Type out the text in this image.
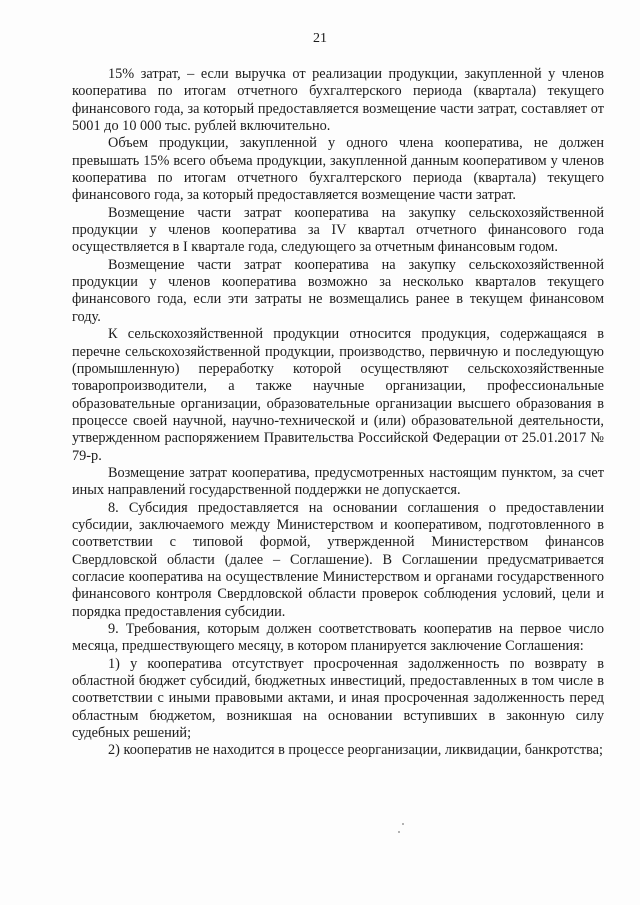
21

15% затрат, – если выручка от реализации продукции, закупленной у членов кооператива по итогам отчетного бухгалтерского периода (квартала) текущего финансового года, за который предоставляется возмещение части затрат, составляет от 5001 до 10 000 тыс. рублей включительно.

Объем продукции, закупленной у одного члена кооператива, не должен превышать 15% всего объема продукции, закупленной данным кооперативом у членов кооператива по итогам отчетного бухгалтерского периода (квартала) текущего финансового года, за который предоставляется возмещение части затрат.

Возмещение части затрат кооператива на закупку сельскохозяйственной продукции у членов кооператива за IV квартал отчетного финансового года осуществляется в I квартале года, следующего за отчетным финансовым годом.

Возмещение части затрат кооператива на закупку сельскохозяйственной продукции у членов кооператива возможно за несколько кварталов текущего финансового года, если эти затраты не возмещались ранее в текущем финансовом году.

К сельскохозяйственной продукции относится продукция, содержащаяся в перечне сельскохозяйственной продукции, производство, первичную и последующую (промышленную) переработку которой осуществляют сельскохозяйственные товаропроизводители, а также научные организации, профессиональные образовательные организации, образовательные организации высшего образования в процессе своей научной, научно-технической и (или) образовательной деятельности, утвержденном распоряжением Правительства Российской Федерации от 25.01.2017 № 79-р.

Возмещение затрат кооператива, предусмотренных настоящим пунктом, за счет иных направлений государственной поддержки не допускается.

8. Субсидия предоставляется на основании соглашения о предоставлении субсидии, заключаемого между Министерством и кооперативом, подготовленного в соответствии с типовой формой, утвержденной Министерством финансов Свердловской области (далее – Соглашение). В Соглашении предусматривается согласие кооператива на осуществление Министерством и органами государственного финансового контроля Свердловской области проверок соблюдения условий, цели и порядка предоставления субсидии.

9. Требования, которым должен соответствовать кооператив на первое число месяца, предшествующего месяцу, в котором планируется заключение Соглашения:

1) у кооператива отсутствует просроченная задолженность по возврату в областной бюджет субсидий, бюджетных инвестиций, предоставленных в том числе в соответствии с иными правовыми актами, и иная просроченная задолженность перед областным бюджетом, возникшая на основании вступивших в законную силу судебных решений;

2) кооператив не находится в процессе реорганизации, ликвидации, банкротства;
